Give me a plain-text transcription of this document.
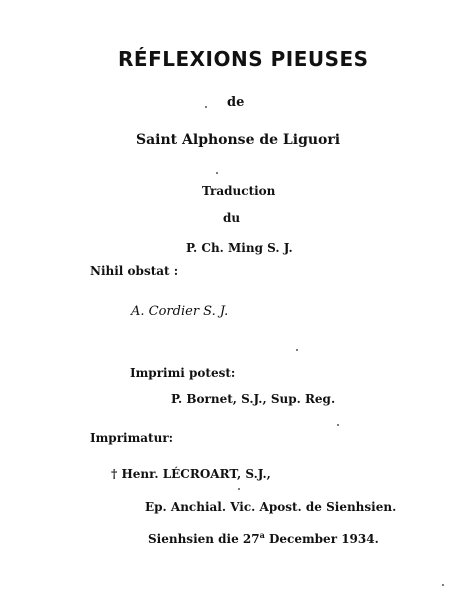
RÉFLEXIONS PIEUSES
de
Saint Alphonse de Liguori
Traduction
du
P. Ch. Ming S. J.
Nihil obstat :
A. Cordier S. J.
Imprimi potest:
P. Bornet, S.J., Sup. Reg.
Imprimatur:
† Henr. LÉCROART, S.J.,
Ep. Anchial. Vic. Apost. de Sienhsien.
Sienhsien die 27$^a$ December 1934.
